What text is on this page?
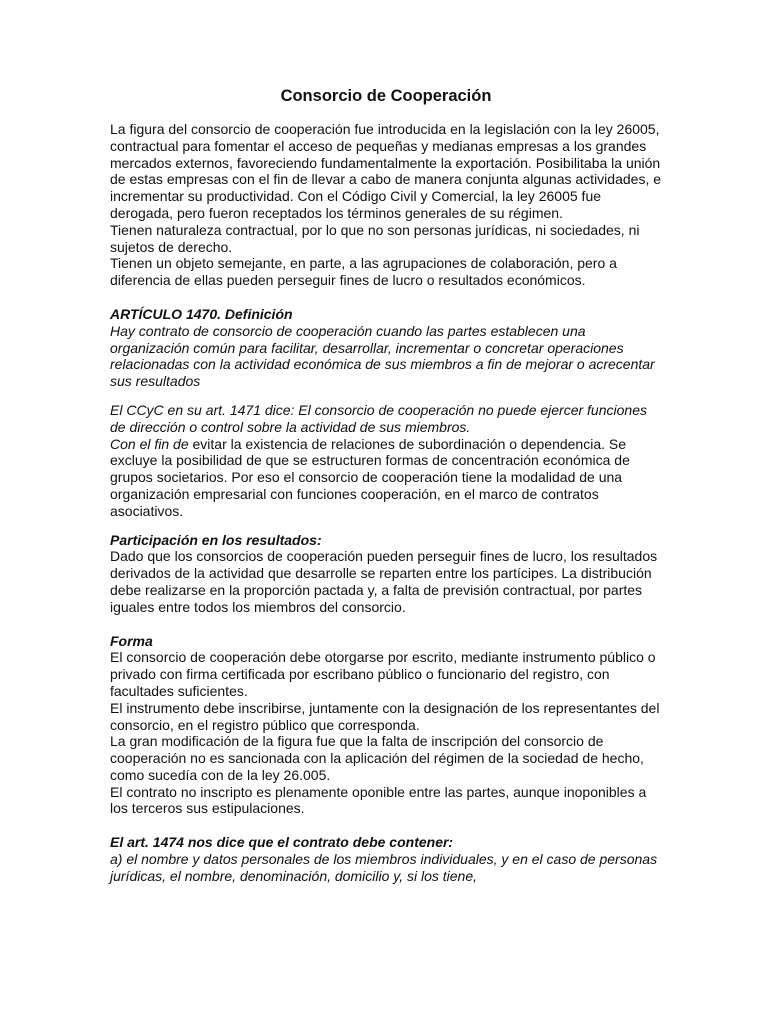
Consorcio de Cooperación

La figura del consorcio de cooperación fue introducida en la legislación con la ley 26005, contractual para fomentar el acceso de pequeñas y medianas empresas a los grandes mercados externos, favoreciendo fundamentalmente la exportación. Posibilitaba la unión de estas empresas con el fin de llevar a cabo de manera conjunta algunas actividades, e incrementar su productividad. Con el Código Civil y Comercial, la ley 26005 fue derogada, pero fueron receptados los términos generales de su régimen.

Tienen naturaleza contractual, por lo que no son personas jurídicas, ni sociedades, ni sujetos de derecho.

Tienen un objeto semejante, en parte, a las agrupaciones de colaboración, pero a diferencia de ellas pueden perseguir fines de lucro o resultados económicos.

ARTÍCULO 1470. Definición

Hay contrato de consorcio de cooperación cuando las partes establecen una organización común para facilitar, desarrollar, incrementar o concretar operaciones relacionadas con la actividad económica de sus miembros a fin de mejorar o acrecentar sus resultados

El CCyC en su art. 1471 dice: El consorcio de cooperación no puede ejercer funciones de dirección o control sobre la actividad de sus miembros.

Con el fin de evitar la existencia de relaciones de subordinación o dependencia. Se excluye la posibilidad de que se estructuren formas de concentración económica de grupos societarios. Por eso el consorcio de cooperación tiene la modalidad de una organización empresarial con funciones cooperación, en el marco de contratos asociativos.

Participación en los resultados:

Dado que los consorcios de cooperación pueden perseguir fines de lucro, los resultados derivados de la actividad que desarrolle se reparten entre los partícipes. La distribución debe realizarse en la proporción pactada y, a falta de previsión contractual, por partes iguales entre todos los miembros del consorcio.

Forma

El consorcio de cooperación debe otorgarse por escrito, mediante instrumento público o privado con firma certificada por escribano público o funcionario del registro, con facultades suficientes.

El instrumento debe inscribirse, juntamente con la designación de los representantes del consorcio, en el registro público que corresponda.

La gran modificación de la figura fue que la falta de inscripción del consorcio de cooperación no es sancionada con la aplicación del régimen de la sociedad de hecho, como sucedía con de la ley 26.005.

El contrato no inscripto es plenamente oponible entre las partes, aunque inoponibles a los terceros sus estipulaciones.

El art. 1474 nos dice que el contrato debe contener:

a) el nombre y datos personales de los miembros individuales, y en el caso de personas jurídicas, el nombre, denominación, domicilio y, si los tiene,
